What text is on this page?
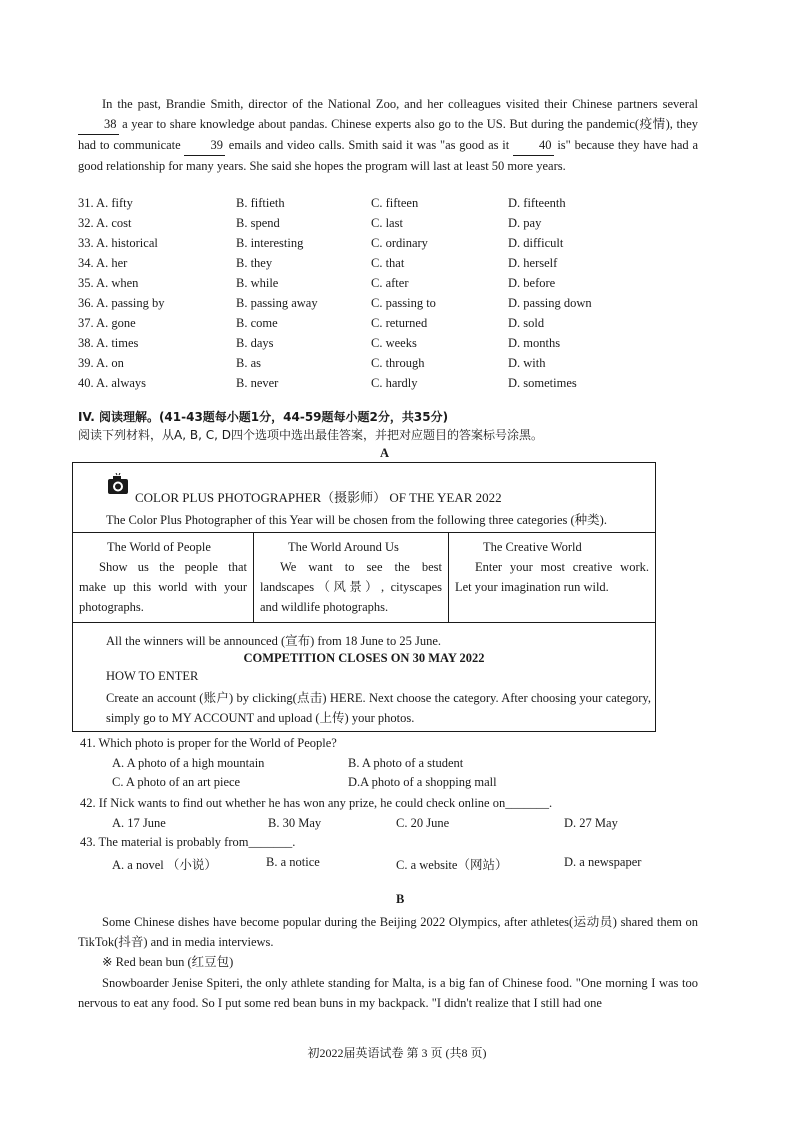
In the past, Brandie Smith, director of the National Zoo, and her colleagues visited their Chinese partners several 38 a year to share knowledge about pandas. Chinese experts also go to the US. But during the pandemic(疫情), they had to communicate 39 emails and video calls. Smith said it was "as good as it 40 is" because they have had a good relationship for many years. She said she hopes the program will last at least 50 more years.
31. A. fifty	B. fiftieth	C. fifteen	D. fifteenth
32. A. cost	B. spend	C. last	D. pay
33. A. historical	B. interesting	C. ordinary	D. difficult
34. A. her	B. they	C. that	D. herself
35. A. when	B. while	C. after	D. before
36. A. passing by	B. passing away	C. passing to	D. passing down
37. A. gone	B. come	C. returned	D. sold
38. A. times	B. days	C. weeks	D. months
39. A. on	B. as	C. through	D. with
40. A. always	B. never	C. hardly	D. sometimes
IV. 阅读理解。(41-43题每小题1分，44-59题每小题2分，共35分)
阅读下列材料，从A, B, C, D四个选项中选出最佳答案，并把对应题目的答案标号涂黑。
A
COLOR PLUS PHOTOGRAPHER（摄影师） OF THE YEAR 2022
The Color Plus Photographer of this Year will be chosen from the following three categories (种类).
The World of People
Show us the people that make up this world with your photographs.
The World Around Us
We want to see the best landscapes（风景）, cityscapes and wildlife photographs.
The Creative World
Enter your most creative work. Let your imagination run wild.
All the winners will be announced (宣布) from 18 June to 25 June.
COMPETITION CLOSES ON 30 MAY 2022
HOW TO ENTER
Create an account (账户) by clicking(点击) HERE. Next choose the category. After choosing your category, simply go to MY ACCOUNT and upload (上传) your photos.
41. Which photo is proper for the World of People?
A. A photo of a high mountain	B. A photo of a student
C. A photo of an art piece	D.A photo of a shopping mall
42. If Nick wants to find out whether he has won any prize, he could check online on_______.
A. 17 June	B. 30 May	C. 20 June	D. 27 May
43. The material is probably from_______.
A. a novel （小说）	B. a notice	C. a website（网站）	D. a newspaper
B
Some Chinese dishes have become popular during the Beijing 2022 Olympics, after athletes(运动员) shared them on TikTok(抖音) and in media interviews.
※ Red bean bun (红豆包)
Snowboarder Jenise Spiteri, the only athlete standing for Malta, is a big fan of Chinese food. "One morning I was too nervous to eat any food. So I put some red bean buns in my backpack. "I didn't realize that I still had one
初2022届英语试卷 第 3 页 (共8 页)
